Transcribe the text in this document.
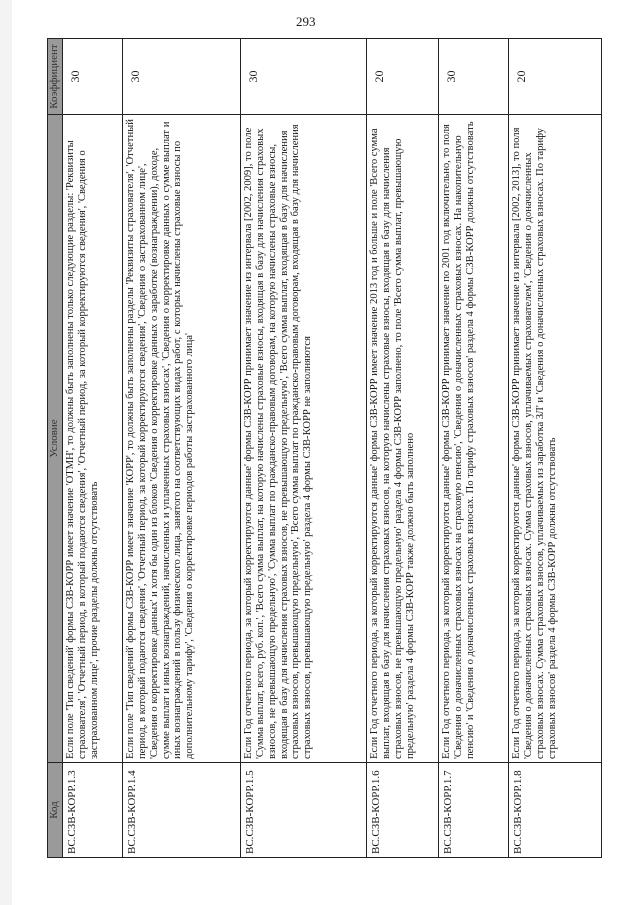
293
Код	Условие	Коэффициент
ВС.СЗВ-КОРР.1.3	Если поле 'Тип сведений' формы СЗВ-КОРР имеет значение 'ОТМН', то должны быть заполнены только следующие разделы: 'Реквизиты страхователя', 'Отчетный период, в который подаются сведения', 'Отчетный период, за который корректируются сведения', 'Сведения о застрахованном лице', прочие разделы должны отсутствовать	30
ВС.СЗВ-КОРР.1.4	Если поле 'Тип сведений' формы СЗВ-КОРР имеет значение 'КОРР', то должны быть заполнены разделы 'Реквизиты страхователя', 'Отчетный период, в который подаются сведения', 'Отчетный период, за который корректируются сведения', 'Сведения о застрахованном лице', 'Сведения о корректировке данных' и хотя бы один из блоков 'Сведения о корректировке данных о заработке (вознаграждении), доходе, сумме выплат и иных вознаграждений, начисленных и уплаченных страховых взносах', 'Сведения о корректировке данных о сумме выплат и иных вознаграждений в пользу физического лица, занятого на соответствующих видах работ, с которых начислены страховые взносы по дополнительному тарифу', 'Сведения о корректировке периодов работы застрахованного лица'	30
ВС.СЗВ-КОРР.1.5	Если Год отчетного периода, за который корректируются данные' формы СЗВ-КОРР принимает значение из интервала [2002, 2009], то поле 'Сумма выплат, всего, руб. коп.', 'Всего сумма выплат, на которую начислены страховые взносы, входящая в базу для начисления страховых взносов, не превышающую предельную', 'Сумма выплат по гражданско-правовым договорам, на которую начислены страховые взносы, входящая в базу для начисления страховых взносов, не превышающую предельную', 'Всего сумма выплат, входящая в базу для начисления страховых взносов, превышающую предельную', 'Всего сумма выплат по гражданско-правовым договорам, входящая в базу для начисления страховых взносов, превышающую предельную' раздела 4 формы СЗВ-КОРР не заполняются	30
ВС.СЗВ-КОРР.1.6	Если Год отчетного периода, за который корректируются данные' формы СЗВ-КОРР имеет значение 2013 год и больше и поле 'Всего сумма выплат, входящая в базу для начисления страховых взносов, на которую начислены страховые взносы, входящая в базу для начисления страховых взносов, не превышающую предельную' раздела 4 формы СЗВ-КОРР заполнено, то поле 'Всего сумма выплат, превышающую предельную' раздела 4 формы СЗВ-КОРР также должно быть заполнено	20
ВС.СЗВ-КОРР.1.7	Если Год отчетного периода, за который корректируются данные' формы СЗВ-КОРР принимает значение по 2001 год включительно, то поля 'Сведения о доначисленных страховых взносах на страховую пенсию', 'Сведения о доначисленных страховых взносах. На накопительную пенсию' и 'Сведения о доначисленных страховых взносах. По тарифу страховых взносов' раздела 4 формы СЗВ-КОРР должны отсутствовать	30
ВС.СЗВ-КОРР.1.8	Если Год отчетного периода, за который корректируются данные' формы СЗВ-КОРР принимает значение из интервала [2002, 2013], то поля 'Сведения о доначисленных страховых взносах. Сумма страховых взносов, уплачиваемых страхователем', 'Сведения о доначисленных страховых взносах. Сумма страховых взносов, уплачиваемых из заработка ЗЛ' и 'Сведения о доначисленных страховых взносах. По тарифу страховых взносов' раздела 4 формы СЗВ-КОРР должны отсутствовать	20
